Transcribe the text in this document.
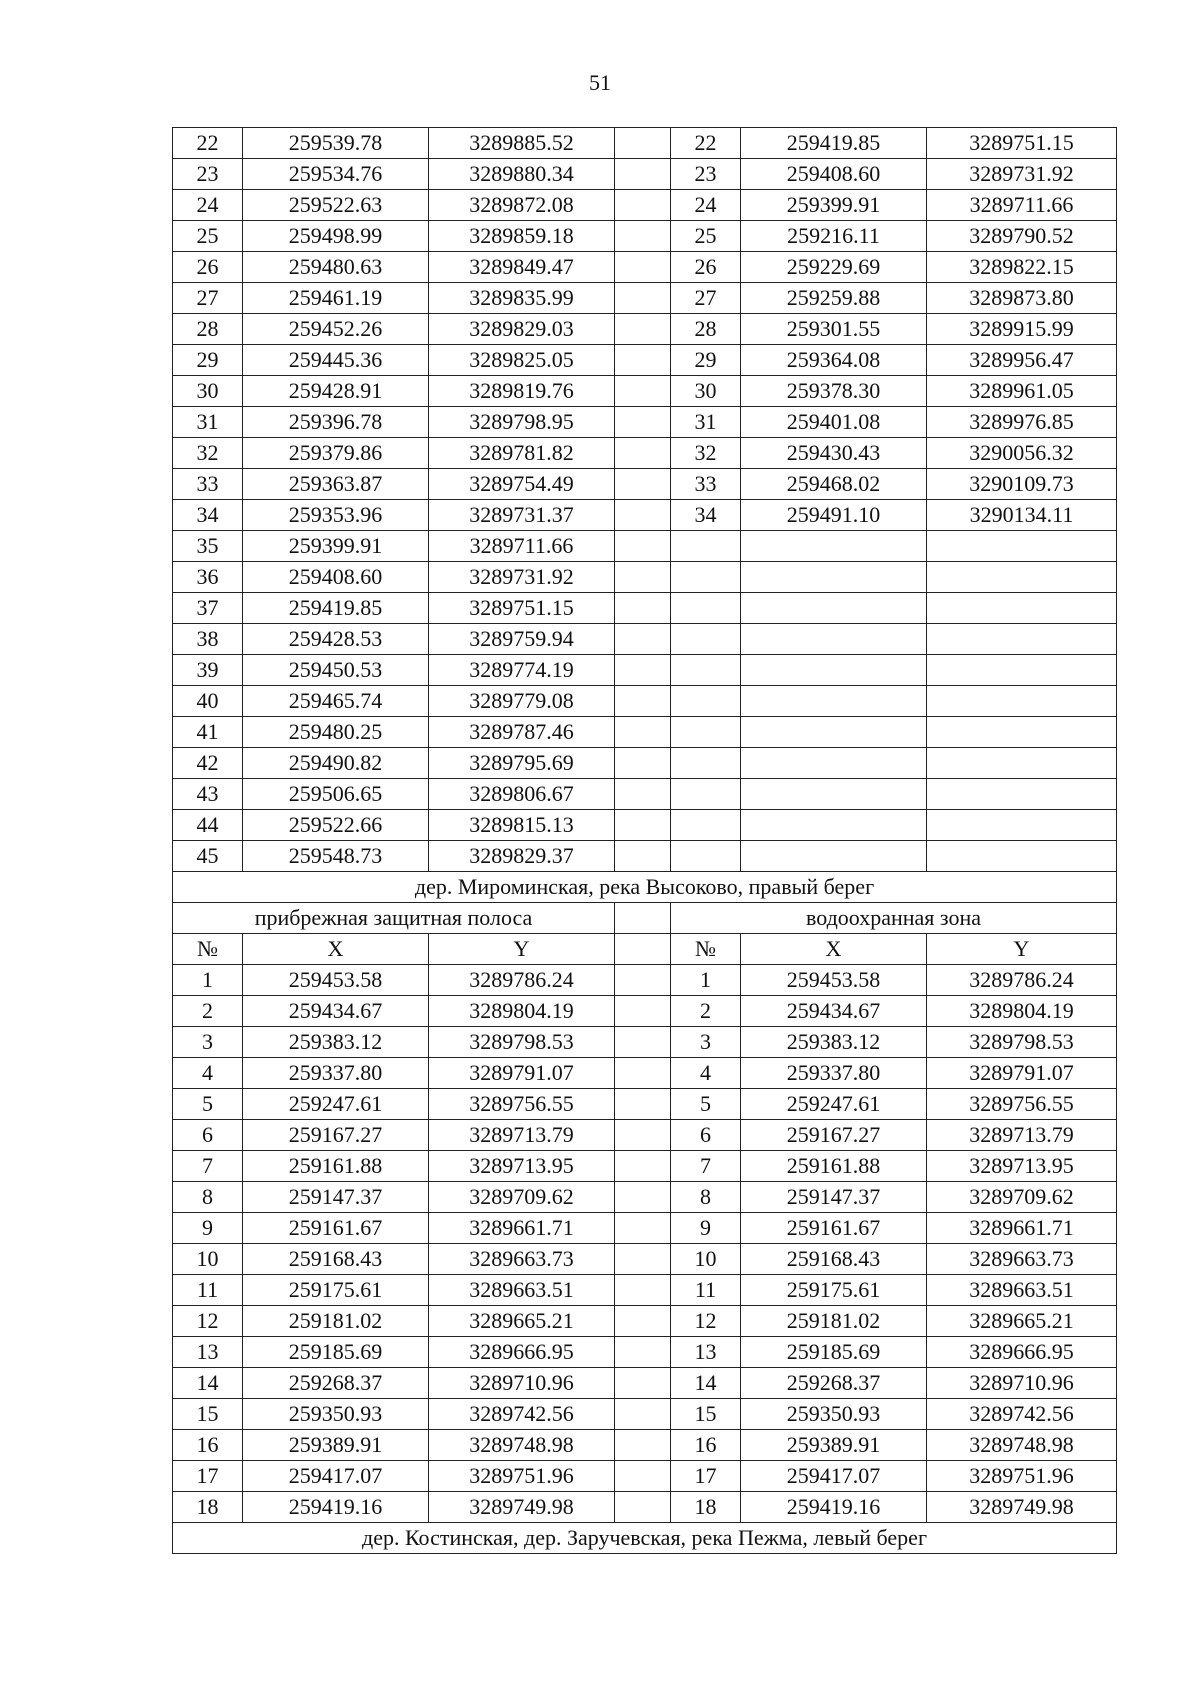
51
22	259539.78	3289885.52		22	259419.85	3289751.15
23	259534.76	3289880.34		23	259408.60	3289731.92
24	259522.63	3289872.08		24	259399.91	3289711.66
25	259498.99	3289859.18		25	259216.11	3289790.52
26	259480.63	3289849.47		26	259229.69	3289822.15
27	259461.19	3289835.99		27	259259.88	3289873.80
28	259452.26	3289829.03		28	259301.55	3289915.99
29	259445.36	3289825.05		29	259364.08	3289956.47
30	259428.91	3289819.76		30	259378.30	3289961.05
31	259396.78	3289798.95		31	259401.08	3289976.85
32	259379.86	3289781.82		32	259430.43	3290056.32
33	259363.87	3289754.49		33	259468.02	3290109.73
34	259353.96	3289731.37		34	259491.10	3290134.11
35	259399.91	3289711.66				
36	259408.60	3289731.92				
37	259419.85	3289751.15				
38	259428.53	3289759.94				
39	259450.53	3289774.19				
40	259465.74	3289779.08				
41	259480.25	3289787.46				
42	259490.82	3289795.69				
43	259506.65	3289806.67				
44	259522.66	3289815.13				
45	259548.73	3289829.37				
дер. Мироминская, река Высоково, правый берег						
прибрежная защитная полоса				водоохранная зона		
№	X	Y		№	X	Y
1	259453.58	3289786.24		1	259453.58	3289786.24
2	259434.67	3289804.19		2	259434.67	3289804.19
3	259383.12	3289798.53		3	259383.12	3289798.53
4	259337.80	3289791.07		4	259337.80	3289791.07
5	259247.61	3289756.55		5	259247.61	3289756.55
6	259167.27	3289713.79		6	259167.27	3289713.79
7	259161.88	3289713.95		7	259161.88	3289713.95
8	259147.37	3289709.62		8	259147.37	3289709.62
9	259161.67	3289661.71		9	259161.67	3289661.71
10	259168.43	3289663.73		10	259168.43	3289663.73
11	259175.61	3289663.51		11	259175.61	3289663.51
12	259181.02	3289665.21		12	259181.02	3289665.21
13	259185.69	3289666.95		13	259185.69	3289666.95
14	259268.37	3289710.96		14	259268.37	3289710.96
15	259350.93	3289742.56		15	259350.93	3289742.56
16	259389.91	3289748.98		16	259389.91	3289748.98
17	259417.07	3289751.96		17	259417.07	3289751.96
18	259419.16	3289749.98		18	259419.16	3289749.98
дер. Костинская, дер. Заручевская, река Пежма, левый берег						
